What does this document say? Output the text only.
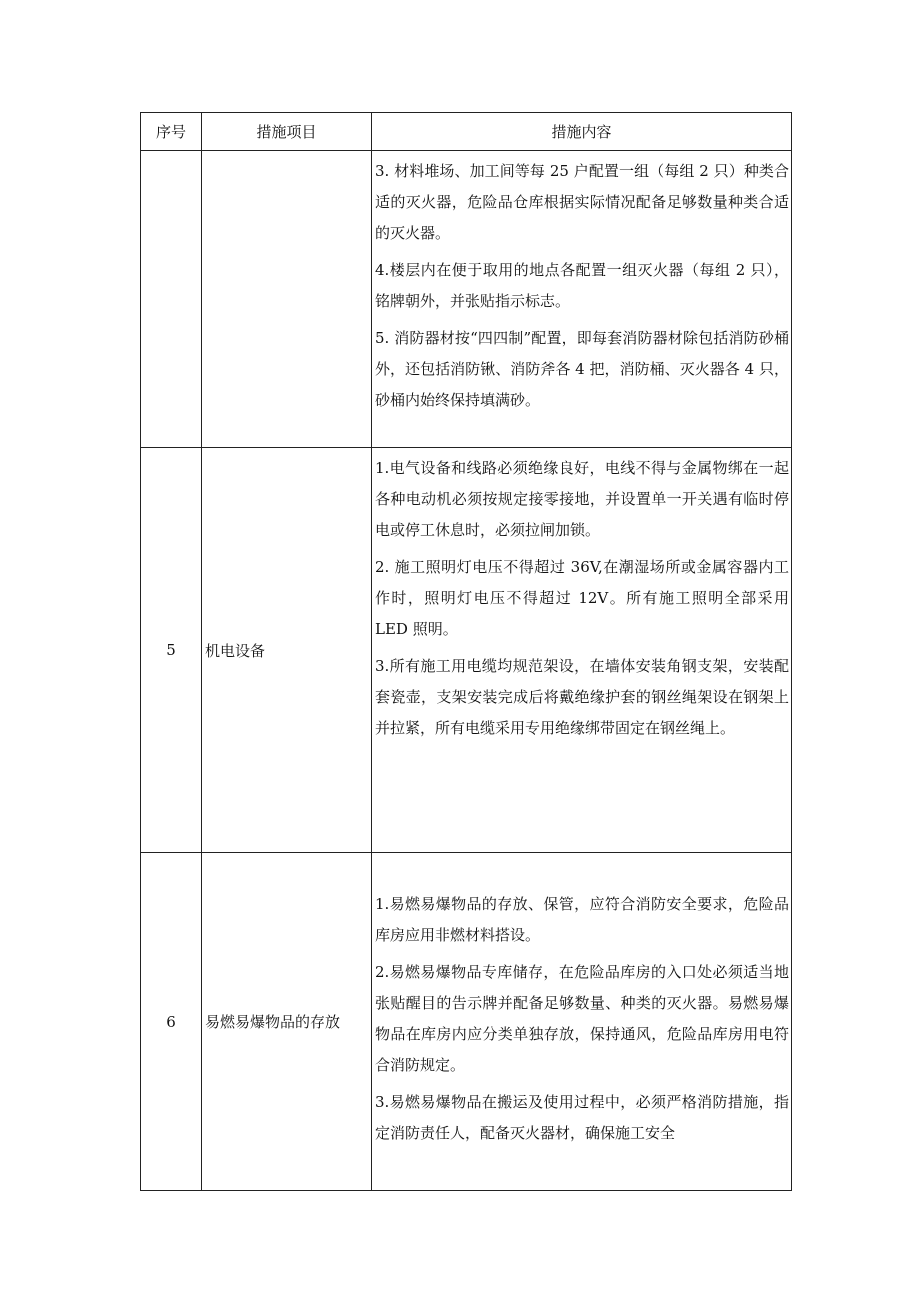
序号	措施项目	措施内容

		3. 材料堆场、加工间等每 25 户配置一组（每组 2 只）种类合适的灭火器，危险品仓库根据实际情况配备足够数量种类合适的灭火器。

4.楼层内在便于取用的地点各配置一组灭火器（每组 2 只），铭牌朝外，并张贴指示标志。

5. 消防器材按“四四制”配置，即每套消防器材除包括消防砂桶外，还包括消防锹、消防斧各 4 把，消防桶、灭火器各 4 只，砂桶内始终保持填满砂。

5	机电设备	1.电气设备和线路必须绝缘良好，电线不得与金属物绑在一起 各种电动机必须按规定接零接地，并设置单一开关遇有临时停电或停工休息时，必须拉闸加锁。

2. 施工照明灯电压不得超过 36V,在潮湿场所或金属容器内工作时，照明灯电压不得超过 12V。所有施工照明全部采用 LED 照明。

3.所有施工用电缆均规范架设，在墙体安装角钢支架，安装配套瓷壶，支架安装完成后将戴绝缘护套的钢丝绳架设在钢架上并拉紧，所有电缆采用专用绝缘绑带固定在钢丝绳上。

6	易燃易爆物品的存放	1.易燃易爆物品的存放、保管，应符合消防安全要求，危险品库房应用非燃材料搭设。

2.易燃易爆物品专库储存，在危险品库房的入口处必须适当地张贴醒目的告示牌并配备足够数量、种类的灭火器。易燃易爆物品在库房内应分类单独存放，保持通风，危险品库房用电符合消防规定。

3.易燃易爆物品在搬运及使用过程中，必须严格消防措施，指定消防责任人，配备灭火器材，确保施工安全
